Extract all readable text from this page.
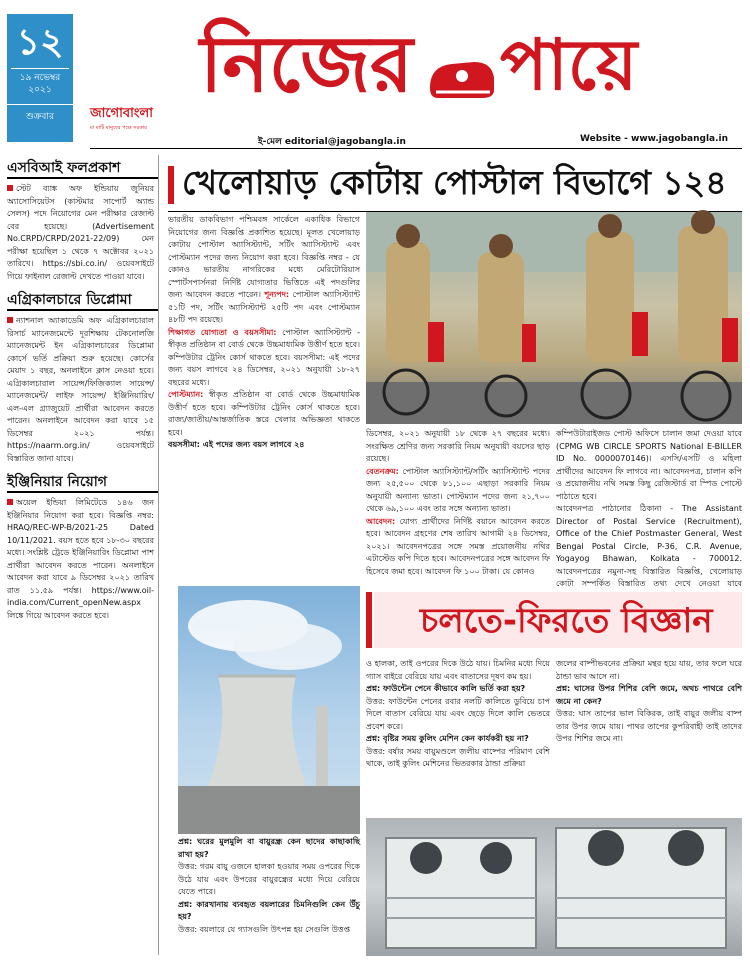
১২
১৯ নভেম্বর ২০২১
শুক্রবার	জাগোবাংলা
মা মাটি মানুষের পক্ষে সরকার
নিজের পায়ে
ই-মেল editorial@jagobangla.in	Website - www.jagobangla.in
এসবিআই ফলপ্রকাশ
স্টেট ব্যাঙ্ক অফ ইন্ডিয়ায় জুনিয়র অ্যাসোসিয়েটস (কাস্টমার সাপোর্ট অ্যান্ড সেলস) পদে নিয়োগের মেন পরীক্ষার রেজাল্ট বের হয়েছে। (Advertisement No.CRPD/CRPD/2021-22/09) মেন পরীক্ষা হয়েছিল ১ থেকে ৭ অক্টোবর ২০২১ তারিখে। https://sbi.co.in/ ওয়েবসাইটে গিয়ে ফাইনাল রেজাল্ট দেখতে পাওয়া যাবে।
এগ্রিকালচারে ডিপ্লোমা
ন্যাশনাল অ্যাকাডেমি অফ এগ্রিকালচারাল রিসার্চ ম্যানেজমেন্টে দূরশিক্ষায় টেকনোলজি ম্যানেজমেন্ট ইন এগ্রিকালচারের ডিপ্লোমা কোর্সে ভর্তি প্রক্রিয়া শুরু হয়েছে। কোর্সের মেয়াদ ১ বছর, অনলাইনে ক্লাস নেওয়া হবে। এগ্রিকালচারাল সায়েন্স/ফিজিক্যাল সায়েন্স/ ম্যানেজমেন্ট/ লাইফ সায়েন্স/ ইঞ্জিনিয়ারিং/ এল-এল গ্র্যাজুয়েট প্রার্থীরা আবেদন করতে পারেন। অনলাইনে আবেদন করা যাবে ১৫ ডিসেম্বর ২০২১ পর্যন্ত। https://naarm.org.in/ ওয়েবসাইটে বিস্তারিত জানা যাবে।
ইঞ্জিনিয়ার নিয়োগ
অয়েল ইন্ডিয়া লিমিটেডে ১৪৬ জন ইঞ্জিনিয়ার নিয়োগ করা হবে। বিজ্ঞপ্তি নম্বর: HRAQ/REC-WP-B/2021-25 Dated 10/11/2021. বয়স হতে হবে ১৮-৩০ বছরের মধ্যে। সংশ্লিষ্ট ট্রেডে ইঞ্জিনিয়ারিং ডিপ্লোমা পাশ প্রার্থীরা আবেদন করতে পারেন। অনলাইনে আবেদন করা যাবে ৯ ডিসেম্বর ২০২১ তারিখ রাত ১১.৫৯ পর্যন্ত। https://www.oil-india.com/Current_openNew.aspx লিঙ্কে গিয়ে আবেদন করতে হবে।
খেলোয়াড় কোটায় পোস্টাল বিভাগে ১২৪
ভারতীয় ডাকবিভাগ পশ্চিমবঙ্গ সার্কেলে একাধিক বিভাগে নিয়োগের জন্য বিজ্ঞপ্তি প্রকাশিত হয়েছে। মূলত খেলোয়াড় কোটায় পোস্টাল অ্যাসিস্ট্যান্ট, সর্টিং অ্যাসিস্ট্যান্ট এবং পোস্টম্যান পদের জন্য নিয়োগ করা হবে। বিজ্ঞপ্তি নম্বর - যে কোনও ভারতীয় নাগরিকের মধ্যে মেরিটোরিয়াস স্পোর্টসপার্সনরা নির্দিষ্ট যোগ্যতার ভিত্তিতে এই পদগুলির জন্য আবেদন করতে পারেন। শূন্যপদ: পোস্টাল অ্যাসিস্ট্যান্ট ৫১টি পদ, সর্টিং অ্যাসিস্ট্যান্ট ২৫টি পদ এবং পোস্টম্যান ৪৮টি পদ রয়েছে।
শিক্ষাগত যোগ্যতা ও বয়সসীমা: পোস্টাল অ্যাসিস্ট্যান্ট - স্বীকৃত প্রতিষ্ঠান বা বোর্ড থেকে উচ্চমাধ্যমিক উত্তীর্ণ হতে হবে। কম্পিউটার ট্রেনিং কোর্স থাকতে হবে। বয়সসীমা: এই পদের জন্য বয়স লাগবে ২৪ ডিসেম্বর, ২০২১ অনুযায়ী ১৮-২৭ বছরের মধ্যে।
পোস্টম্যান: স্বীকৃত প্রতিষ্ঠান বা বোর্ড থেকে উচ্চমাধ্যমিক উত্তীর্ণ হতে হবে। কম্পিউটার ট্রেনিং কোর্স থাকতে হবে। রাজ্য/জাতীয়/আন্তর্জাতিক স্তরে খেলার অভিজ্ঞতা থাকতে হবে।
বয়সসীমা: এই পদের জন্য বয়স লাগবে ২৪
ডিসেম্বর, ২০২১ অনুযায়ী ১৮ থেকে ২৭ বছরের মধ্যে। সংরক্ষিত শ্রেণির জন্য সরকারি নিয়ম অনুযায়ী বয়সের ছাড় রয়েছে।
বেতনক্রম: পোস্টাল অ্যাসিস্ট্যান্ট/সর্টিং অ্যাসিস্ট্যান্ট পদের জন্য ২৫,৫০০ থেকে ৮১,১০০ এছাড়া সরকারি নিয়ম অনুযায়ী অন্যান্য ভাতা। পোস্টম্যান পদের জন্য ২১,৭০০ থেকে ৬৯,১০০ এবং তার সঙ্গে অন্যান্য ভাতা।
আবেদন: যোগ্য প্রার্থীদের নির্দিষ্ট বয়ানে আবেদন করতে হবে। আবেদন গ্রহণের শেষ তারিখ আগামী ২৪ ডিসেম্বর, ২০২১। আবেদনপত্রের সঙ্গে সমস্ত প্রয়োজনীয় নথির এটাস্টেড কপি দিতে হবে। আবেদনপত্রের সঙ্গে আবেদন ফি হিসেবে জমা হবে। আবেদন ফি ১০০ টাকা। যে কোনও
কম্পিউটারাইজড পোস্ট অফিসে চালান জমা দেওয়া যাবে (CPMG WB CIRCLE SPORTS National E-BILLER ID No. 0000070146)। এসসি/এসটি ও মহিলা প্রার্থীদের আবেদন ফি লাগবে না। আবেদনপত্র, চালান কপি ও প্রয়োজনীয় নথি সমস্ত কিছু রেজিস্টার্ড বা স্পিড পোস্টে পাঠাতে হবে।
আবেদনপত্র পাঠানোর ঠিকানা - The Assistant Director of Postal Service (Recruitment), Office of the Chief Postmaster General, West Bengal Postal Circle, P-36, C.R. Avenue, Yogayog Bhawan, Kolkata - 700012. আবেদনপত্রের নমুনা-সহ বিস্তারিত বিজ্ঞপ্তি, খেলোয়াড় কোটা সম্পর্কিত বিস্তারিত তথ্য দেখে নেওয়া যাবে
প্রশ্ন: ঘরের মুলমুলি বা বায়ুরন্ধ্র কেন ছাদের কাছাকাছি রাখা হয়?
উত্তর: গরম বায়ু ওজনে হালকা হওয়ার সময় ওপরের দিকে উঠে যায় এবং উপরের বায়ুরন্ধ্রের মধ্যে দিয়ে বেরিয়ে যেতে পারে।
প্রশ্ন: কারখানায় ব্যবহৃত বয়লারের চিমনিগুলি কেন উঁচু হয়?
উত্তর: বয়লারে যে গ্যাসগুলি উৎপন্ন হয় সেগুলি উত্তপ্ত
চলতে-ফিরতে বিজ্ঞান
ও হালকা, তাই ওপরের দিকে উঠে যায়। চিমনির মধ্যে দিয়ে গ্যাস বাইরে বেরিয়ে যায় এবং বাতাসের দূষণ কম হয়।
প্রশ্ন: ফাউন্টেন পেনে কীভাবে কালি ভর্তি করা হয়?
উত্তর: ফাউন্টেন পেনের রবার নলটি কালিতে ডুবিয়ে চাপ দিলে বাতাস বেরিয়ে যায় এবং ছেড়ে দিলে কালি ভেতরে প্রবেশ করে।
প্রশ্ন: বৃষ্টির সময় কুলিং মেশিন কেন কার্যকরী হয় না?
উত্তর: বর্ষার সময় বায়ুমণ্ডলে জলীয় বাষ্পের পরিমাণ বেশি থাকে, তাই কুলিং মেশিনের ভিতরকার ঠান্ডা প্রক্রিয়া
জলের বাষ্পীভবনের প্রক্রিয়া মন্থর হয়ে যায়, তার ফলে ঘরে ঠান্ডা ভাব আসে না।
প্রশ্ন: ঘাসের উপর শিশির বেশি জমে, অথচ পাথরে বেশি জমে না কেন?
উত্তর: ঘাস তাপের ভাল বিকিরক, তাই বায়ুর জলীয় বাষ্প তার উপর জমে যায়। পাথর তাপের কুপরিবাহী তাই তাদের উপর শিশির জমে না।
